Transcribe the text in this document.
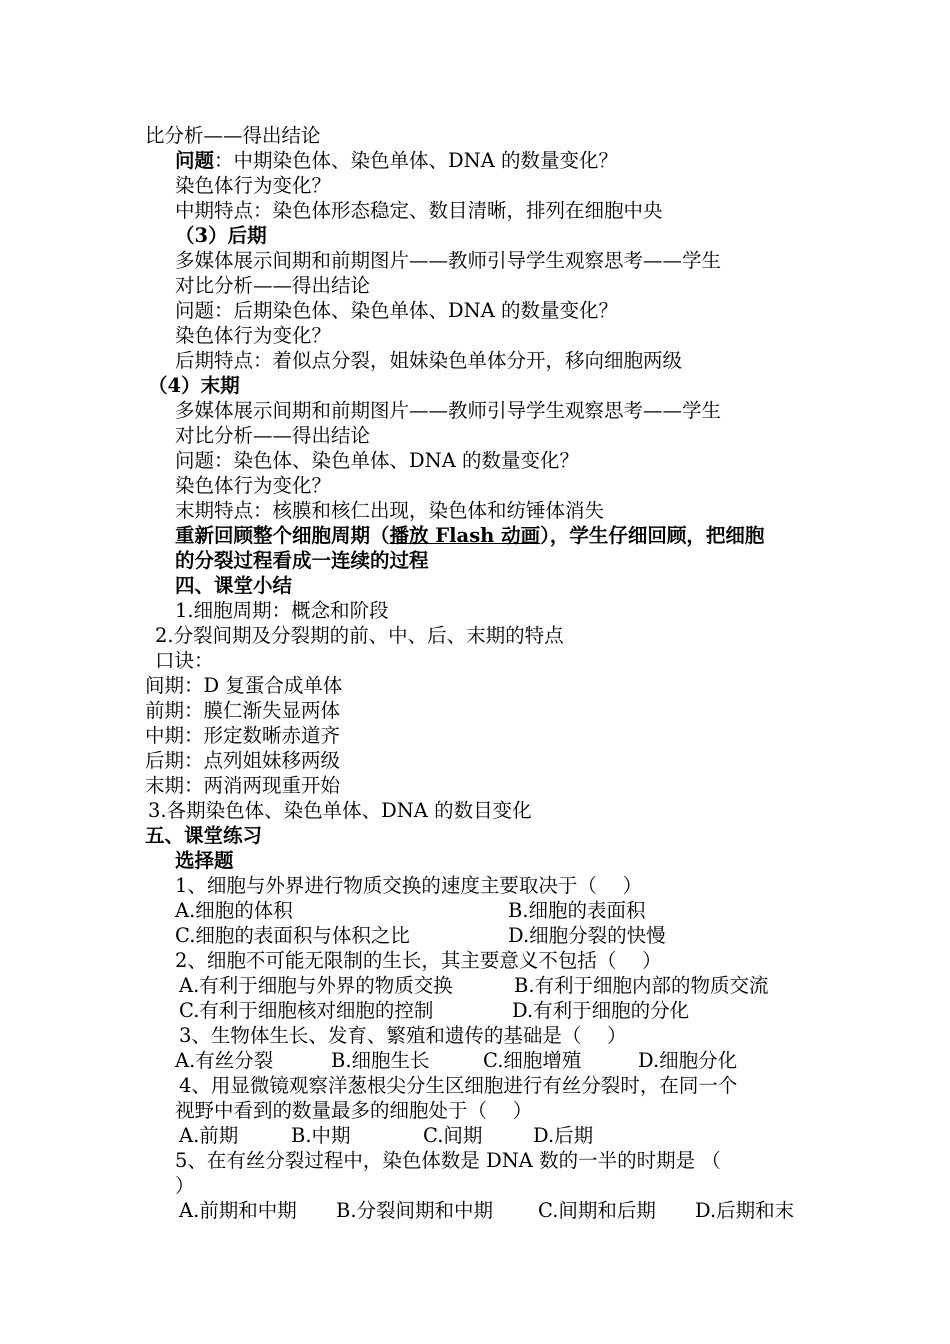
比分析——得出结论
问题：中期染色体、染色单体、DNA 的数量变化？
染色体行为变化？
中期特点：染色体形态稳定、数目清晰，排列在细胞中央
（3）后期
多媒体展示间期和前期图片——教师引导学生观察思考——学生
对比分析——得出结论
问题：后期染色体、染色单体、DNA 的数量变化？
染色体行为变化？
后期特点：着似点分裂，姐妹染色单体分开，移向细胞两级
（4）末期
多媒体展示间期和前期图片——教师引导学生观察思考——学生
对比分析——得出结论
问题：染色体、染色单体、DNA 的数量变化？
染色体行为变化？
末期特点：核膜和核仁出现，染色体和纺锤体消失
重新回顾整个细胞周期（播放 Flash 动画），学生仔细回顾，把细胞
的分裂过程看成一连续的过程
四、课堂小结
1.细胞周期：概念和阶段
2.分裂间期及分裂期的前、中、后、末期的特点
口诀：
间期：D 复蛋合成单体
前期：膜仁渐失显两体
中期：形定数晰赤道齐
后期：点列姐妹移两级
末期：两消两现重开始
3.各期染色体、染色单体、DNA 的数目变化
五、课堂练习
选择题
1、细胞与外界进行物质交换的速度主要取决于（　 ）
A.细胞的体积	B.细胞的表面积
C.细胞的表面积与体积之比	D.细胞分裂的快慢
2、细胞不可能无限制的生长，其主要意义不包括（　 ）
A.有利于细胞与外界的物质交换	B.有利于细胞内部的物质交流
C.有利于细胞核对细胞的控制	D.有利于细胞的分化
3、生物体生长、发育、繁殖和遗传的基础是（　 ）
A.有丝分裂	B.细胞生长	C.细胞增殖	D.细胞分化
4、用显微镜观察洋葱根尖分生区细胞进行有丝分裂时，在同一个
视野中看到的数量最多的细胞处于（　 ）
A.前期	B.中期	C.间期	D.后期
5、在有丝分裂过程中，染色体数是 DNA 数的一半的时期是 （
）
A.前期和中期 B.分裂间期和中期 C.间期和后期 D.后期和末
